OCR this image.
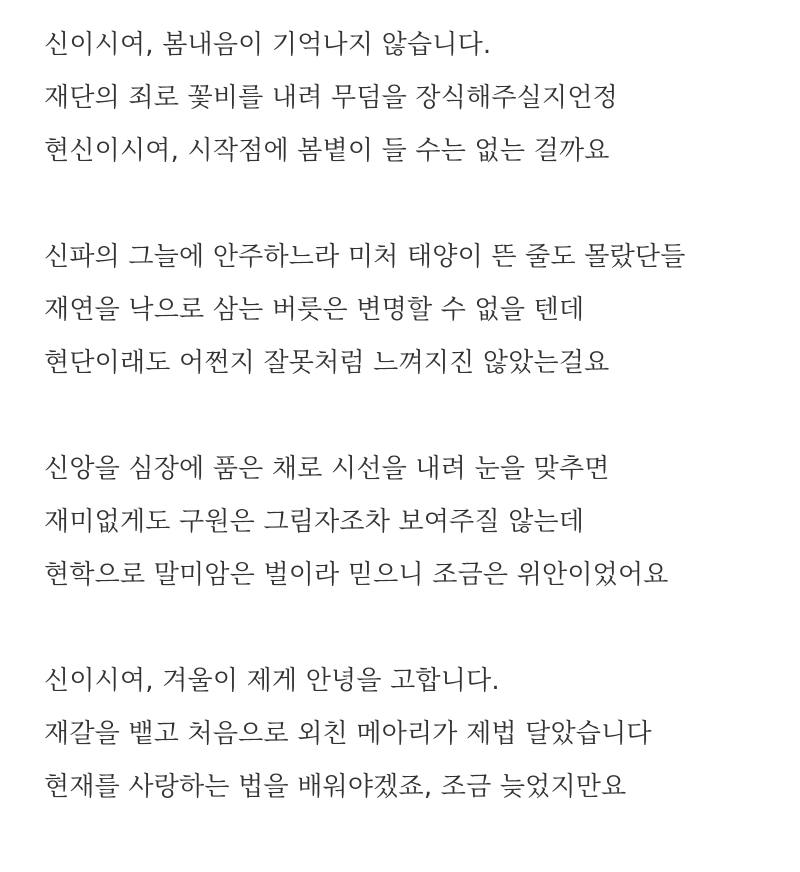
신이시여, 봄내음이 기억나지 않습니다.
재단의 죄로 꽃비를 내려 무덤을 장식해주실지언정
현신이시여, 시작점에 봄볕이 들 수는 없는 걸까요
신파의 그늘에 안주하느라 미처 태양이 뜬 줄도 몰랐단들
재연을 낙으로 삼는 버릇은 변명할 수 없을 텐데
현단이래도 어쩐지 잘못처럼 느껴지진 않았는걸요
신앙을 심장에 품은 채로 시선을 내려 눈을 맞추면
재미없게도 구원은 그림자조차 보여주질 않는데
현학으로 말미암은 벌이라 믿으니 조금은 위안이었어요
신이시여, 겨울이 제게 안녕을 고합니다.
재갈을 뱉고 처음으로 외친 메아리가 제법 달았습니다
현재를 사랑하는 법을 배워야겠죠, 조금 늦었지만요
